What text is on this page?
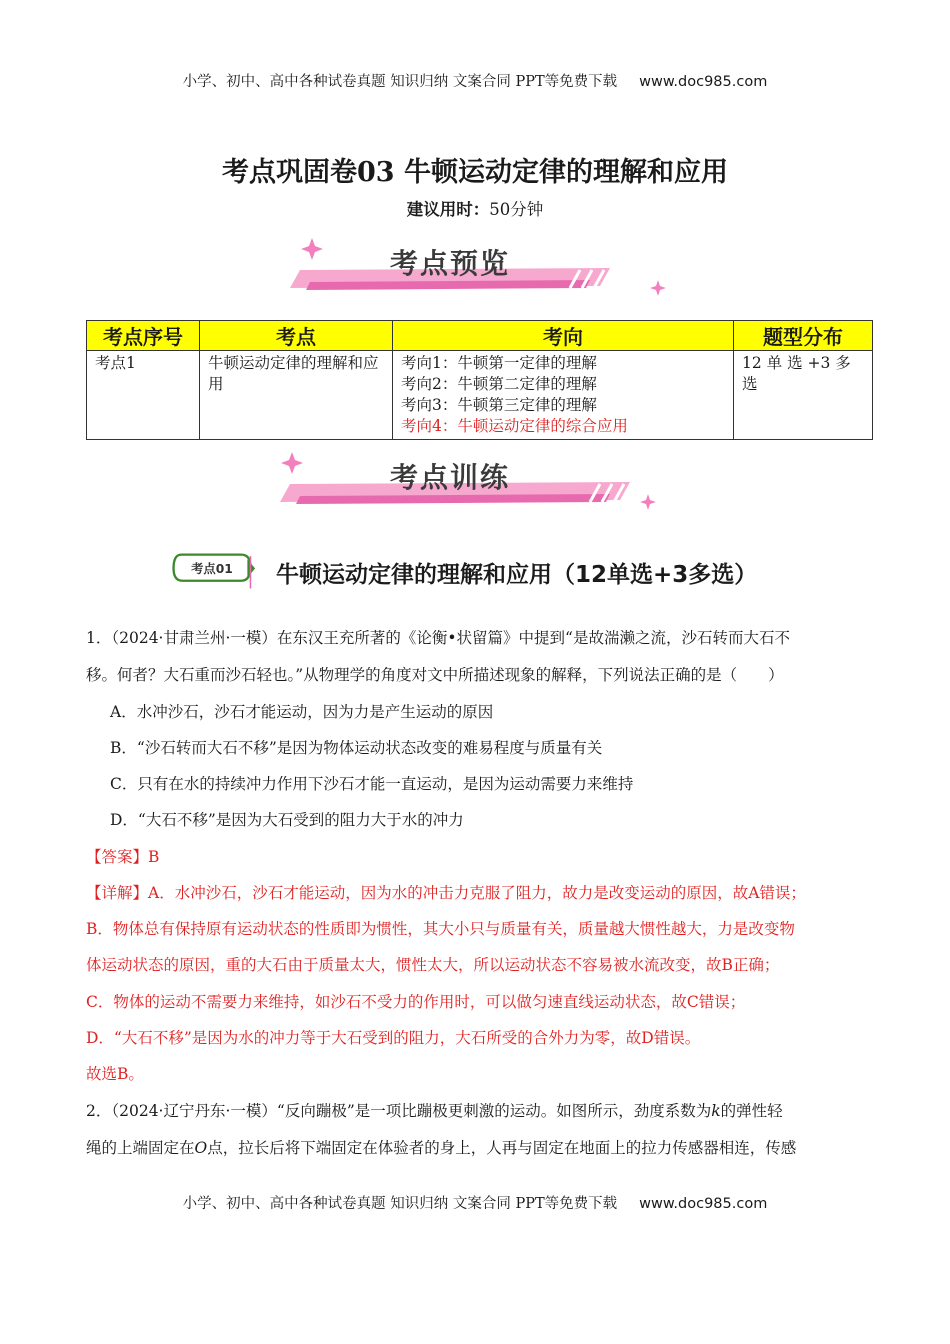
小学、初中、高中各种试卷真题 知识归纳 文案合同 PPT等免费下载 www.doc985.com
考点巩固卷03 牛顿运动定律的理解和应用
建议用时：50分钟
考点预览
考点序号	考点	考向	题型分布
考点1	牛顿运动定律的理解和应用	考向1：牛顿第一定律的理解
考向2：牛顿第二定律的理解
考向3：牛顿第三定律的理解
考向4：牛顿运动定律的综合应用	12 单 选 +3 多选
考点训练
考点01 牛顿运动定律的理解和应用（12单选+3多选）
1．（2024·甘肃兰州·一模）在东汉王充所著的《论衡•状留篇》中提到“是故湍濑之流，沙石转而大石不
移。何者？大石重而沙石轻也。”从物理学的角度对文中所描述现象的解释，下列说法正确的是（　　）
A．水冲沙石，沙石才能运动，因为力是产生运动的原因
B．“沙石转而大石不移”是因为物体运动状态改变的难易程度与质量有关
C．只有在水的持续冲力作用下沙石才能一直运动，是因为运动需要力来维持
D．“大石不移”是因为大石受到的阻力大于水的冲力
【答案】B
【详解】A．水冲沙石，沙石才能运动，因为水的冲击力克服了阻力，故力是改变运动的原因，故A错误；
B．物体总有保持原有运动状态的性质即为惯性，其大小只与质量有关，质量越大惯性越大，力是改变物
体运动状态的原因，重的大石由于质量太大，惯性太大，所以运动状态不容易被水流改变，故B正确；
C．物体的运动不需要力来维持，如沙石不受力的作用时，可以做匀速直线运动状态，故C错误；
D．“大石不移”是因为水的冲力等于大石受到的阻力，大石所受的合外力为零，故D错误。
故选B。
2．（2024·辽宁丹东·一模）“反向蹦极”是一项比蹦极更刺激的运动。如图所示，劲度系数为k的弹性轻
绳的上端固定在O点，拉长后将下端固定在体验者的身上，人再与固定在地面上的拉力传感器相连，传感
小学、初中、高中各种试卷真题 知识归纳 文案合同 PPT等免费下载 www.doc985.com
